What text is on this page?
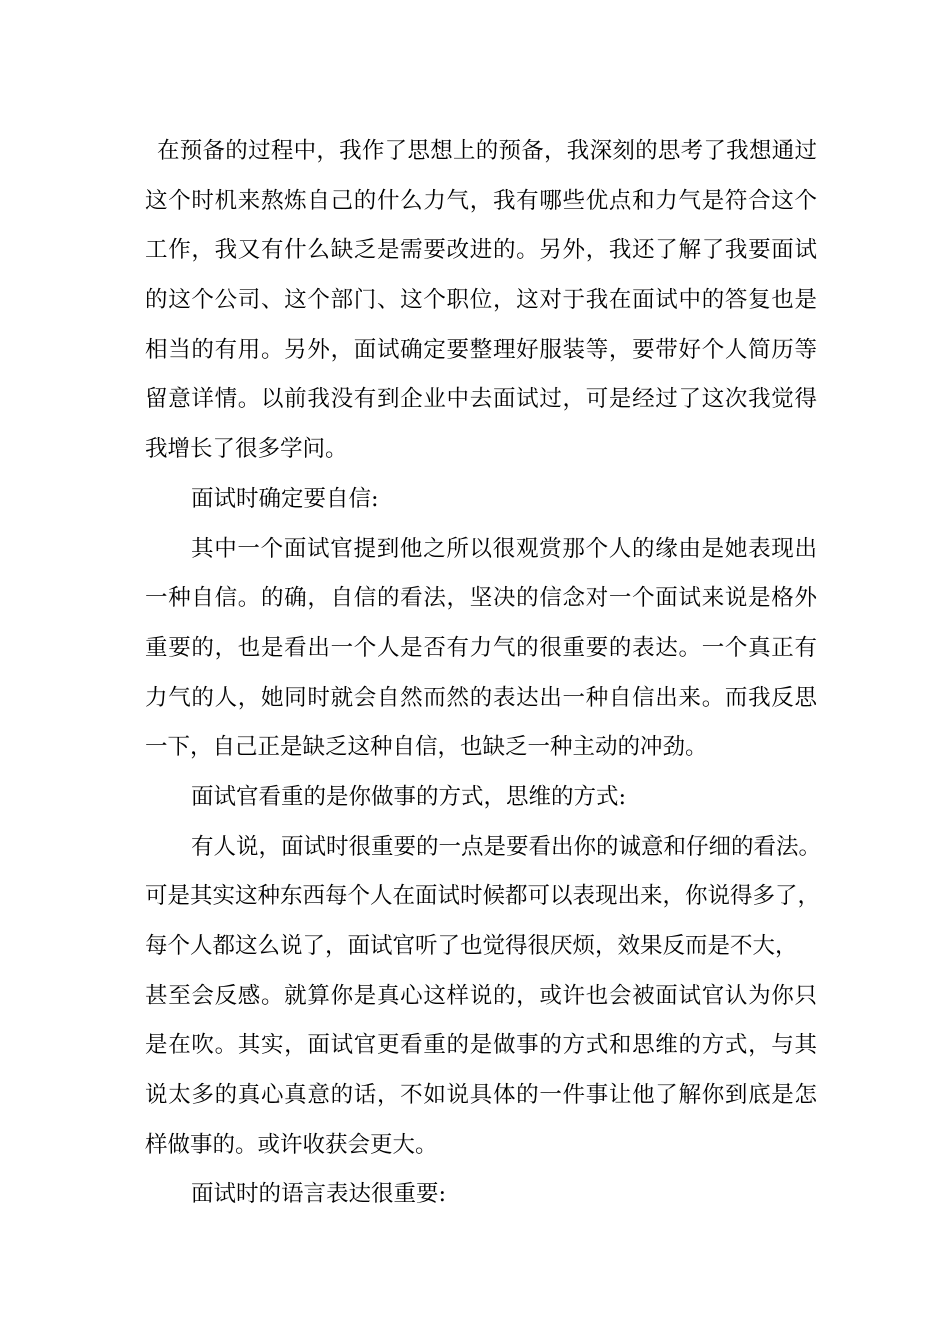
在预备的过程中，我作了思想上的预备，我深刻的思考了我想通过
这个时机来熬炼自己的什么力气，我有哪些优点和力气是符合这个
工作，我又有什么缺乏是需要改进的。另外，我还了解了我要面试
的这个公司、这个部门、这个职位，这对于我在面试中的答复也是
相当的有用。另外，面试确定要整理好服装等，要带好个人简历等
留意详情。以前我没有到企业中去面试过，可是经过了这次我觉得
我增长了很多学问。
面试时确定要自信:
其中一个面试官提到他之所以很观赏那个人的缘由是她表现出
一种自信。的确，自信的看法，坚决的信念对一个面试来说是格外
重要的，也是看出一个人是否有力气的很重要的表达。一个真正有
力气的人，她同时就会自然而然的表达出一种自信出来。而我反思
一下，自己正是缺乏这种自信，也缺乏一种主动的冲劲。
面试官看重的是你做事的方式，思维的方式:
有人说，面试时很重要的一点是要看出你的诚意和仔细的看法。
可是其实这种东西每个人在面试时候都可以表现出来，你说得多了，
每个人都这么说了，面试官听了也觉得很厌烦，效果反而是不大，
甚至会反感。就算你是真心这样说的，或许也会被面试官认为你只
是在吹。其实，面试官更看重的是做事的方式和思维的方式，与其
说太多的真心真意的话，不如说具体的一件事让他了解你到底是怎
样做事的。或许收获会更大。
面试时的语言表达很重要:
